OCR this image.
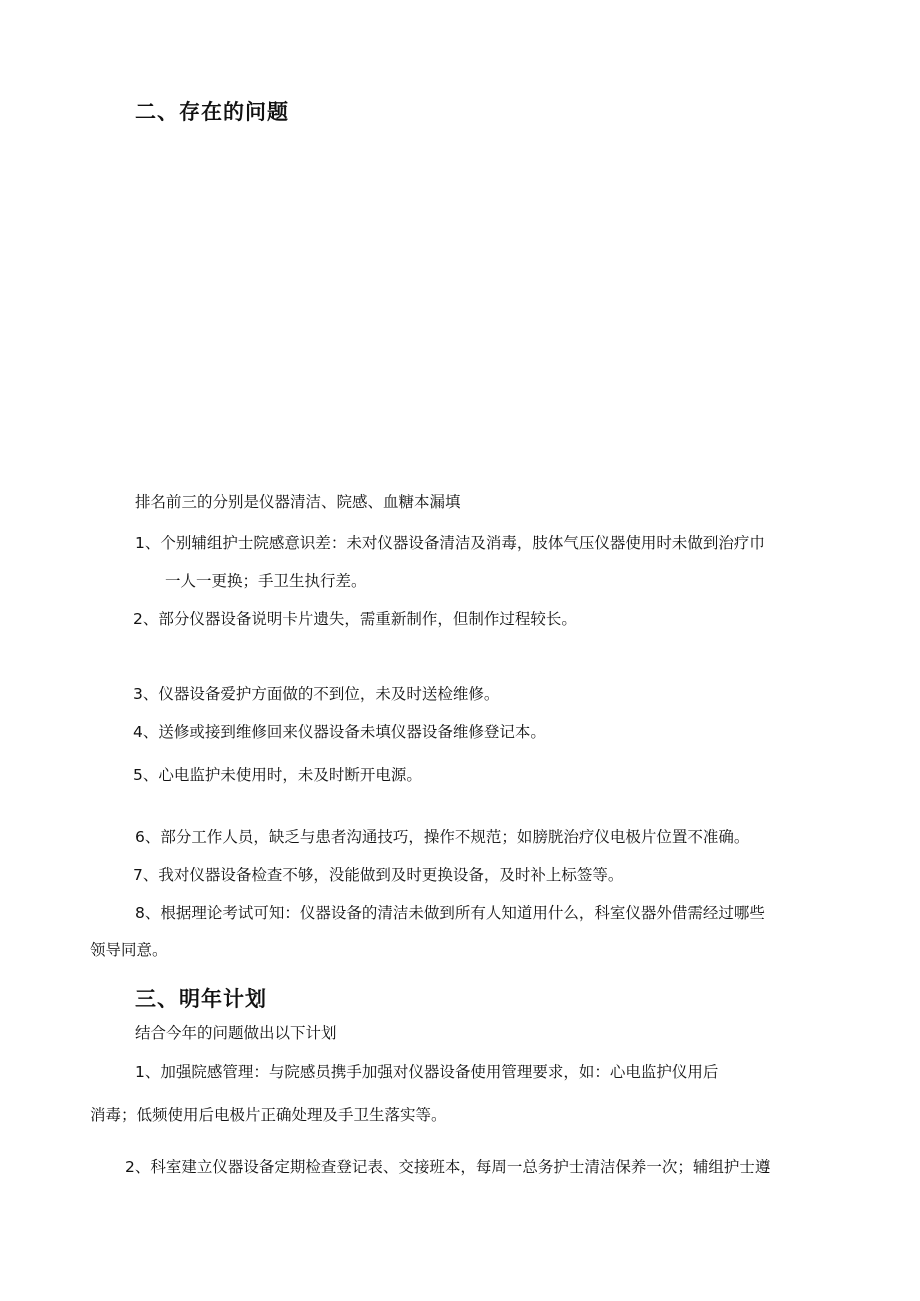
二、存在的问题
排名前三的分别是仪器清洁、院感、血糖本漏填
1、个别辅组护士院感意识差：未对仪器设备清洁及消毒，肢体气压仪器使用时未做到治疗巾
一人一更换；手卫生执行差。
2、部分仪器设备说明卡片遗失，需重新制作，但制作过程较长。
3、仪器设备爱护方面做的不到位，未及时送检维修。
4、送修或接到维修回来仪器设备未填仪器设备维修登记本。
5、心电监护未使用时，未及时断开电源。
6、部分工作人员，缺乏与患者沟通技巧，操作不规范；如膀胱治疗仪电极片位置不准确。
7、我对仪器设备检查不够，没能做到及时更换设备，及时补上标签等。
8、根据理论考试可知：仪器设备的清洁未做到所有人知道用什么，科室仪器外借需经过哪些
领导同意。
三、明年计划
结合今年的问题做出以下计划
1、加强院感管理：与院感员携手加强对仪器设备使用管理要求，如：心电监护仪用后
消毒；低频使用后电极片正确处理及手卫生落实等。
2、科室建立仪器设备定期检查登记表、交接班本，每周一总务护士清洁保养一次；辅组护士遵
